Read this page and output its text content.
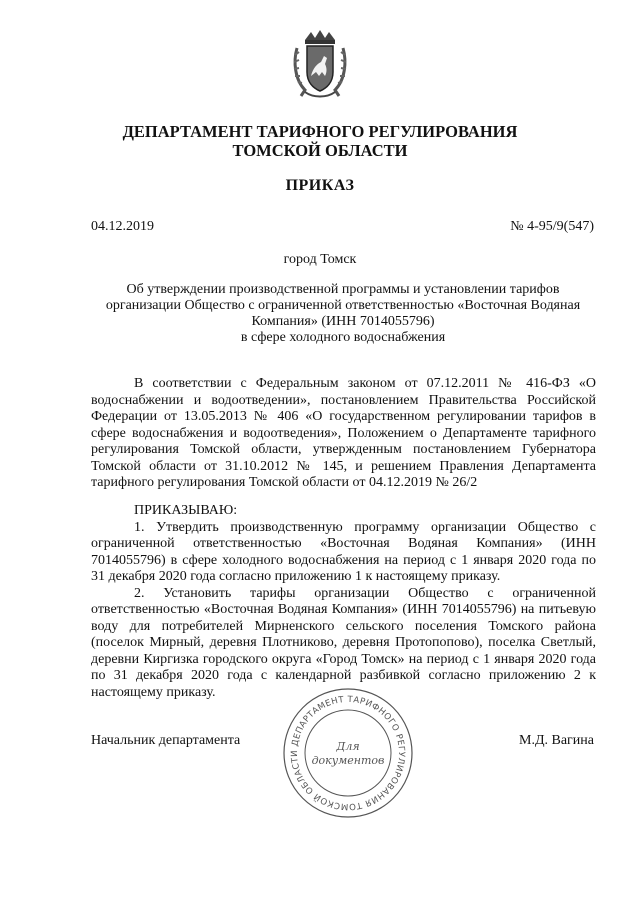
ДЕПАРТАМЕНТ ТАРИФНОГО РЕГУЛИРОВАНИЯ
ТОМСКОЙ ОБЛАСТИ
ПРИКАЗ
04.12.2019	№ 4-95/9(547)
город Томск
Об утверждении производственной программы и установлении тарифов
организации Общество с ограниченной ответственностью «Восточная Водяная
Компания» (ИНН 7014055796)
в сфере холодного водоснабжения
В соответствии с Федеральным законом от 07.12.2011 № 416-ФЗ «О
водоснабжении и водоотведении», постановлением Правительства Российской
Федерации от 13.05.2013 № 406 «О государственном регулировании тарифов в
сфере водоснабжения и водоотведения», Положением о Департаменте тарифного
регулирования Томской области, утвержденным постановлением Губернатора
Томской области от 31.10.2012 № 145, и решением Правления Департамента
тарифного регулирования Томской области от 04.12.2019 № 26/2
ПРИКАЗЫВАЮ:
1. Утвердить производственную программу организации Общество с
ограниченной ответственностью «Восточная Водяная Компания» (ИНН
7014055796) в сфере холодного водоснабжения на период с 1 января 2020 года по
31 декабря 2020 года согласно приложению 1 к настоящему приказу.
2. Установить тарифы организации Общество с ограниченной
ответственностью «Восточная Водяная Компания» (ИНН 7014055796) на питьевую
воду для потребителей Мирненского сельского поселения Томского района
(поселок Мирный, деревня Плотниково, деревня Протопопово), поселка Светлый,
деревни Киргизка городского округа «Город Томск» на период с 1 января 2020 года
по 31 декабря 2020 года с календарной разбивкой согласно приложению 2 к
настоящему приказу.
Начальник департамента	М.Д. Вагина
ДЕПАРТАМЕНТ ТАРИФНОГО РЕГУЛИРОВАНИЯ ТОМСКОЙ ОБЛАСТИ
Для
документов
